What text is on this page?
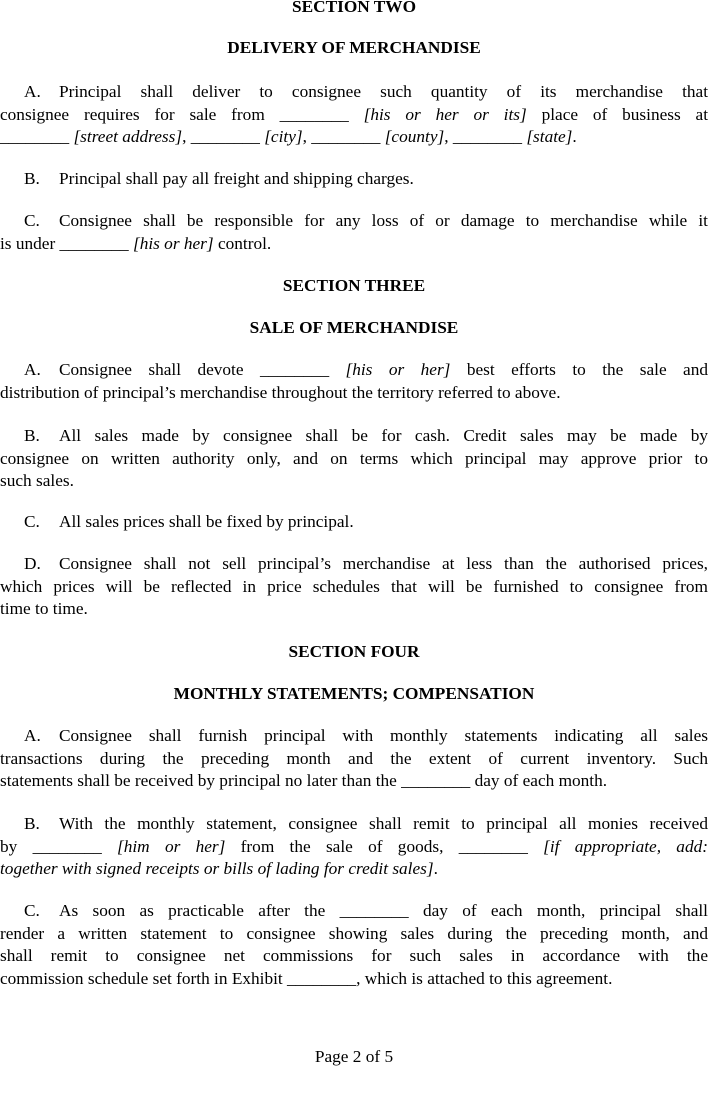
SECTION TWO
DELIVERY OF MERCHANDISE
A. Principal shall deliver to consignee such quantity of its merchandise that
consignee requires for sale from ________ [his or her or its] place of business at
________ [street address], ________ [city], ________ [county], ________ [state].
B. Principal shall pay all freight and shipping charges.
C. Consignee shall be responsible for any loss of or damage to merchandise while it
is under ________ [his or her] control.
SECTION THREE
SALE OF MERCHANDISE
A. Consignee shall devote ________ [his or her] best efforts to the sale and
distribution of principal’s merchandise throughout the territory referred to above.
B. All sales made by consignee shall be for cash. Credit sales may be made by
consignee on written authority only, and on terms which principal may approve prior to
such sales.
C. All sales prices shall be fixed by principal.
D. Consignee shall not sell principal’s merchandise at less than the authorised prices,
which prices will be reflected in price schedules that will be furnished to consignee from
time to time.
SECTION FOUR
MONTHLY STATEMENTS; COMPENSATION
A. Consignee shall furnish principal with monthly statements indicating all sales
transactions during the preceding month and the extent of current inventory. Such
statements shall be received by principal no later than the ________ day of each month.
B. With the monthly statement, consignee shall remit to principal all monies received
by ________ [him or her] from the sale of goods, ________ [if appropriate, add:
together with signed receipts or bills of lading for credit sales].
C. As soon as practicable after the ________ day of each month, principal shall
render a written statement to consignee showing sales during the preceding month, and
shall remit to consignee net commissions for such sales in accordance with the
commission schedule set forth in Exhibit ________, which is attached to this agreement.
Page 2 of 5
